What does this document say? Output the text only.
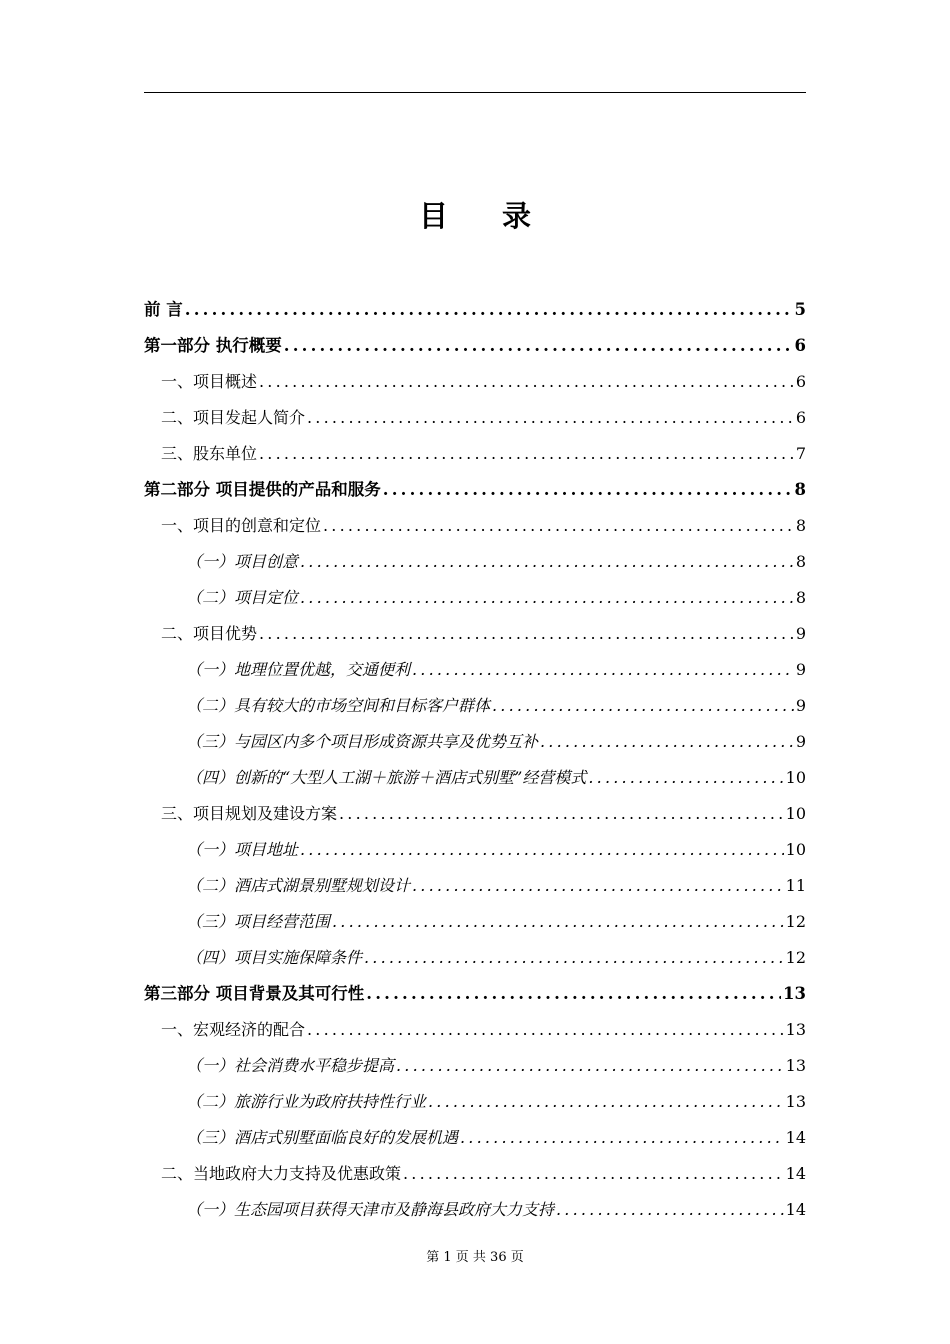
目 录
前 言 .....	5
第一部分 执行概要 .....	6
一、项目概述 .....	6
二、项目发起人简介 .....	6
三、股东单位 .....	7
第二部分 项目提供的产品和服务 .....	8
一、项目的创意和定位 .....	8
（一）项目创意 .....	8
（二）项目定位 .....	8
二、项目优势 .....	9
（一）地理位置优越，交通便利 .....	9
（二）具有较大的市场空间和目标客户群体 .....	9
（三）与园区内多个项目形成资源共享及优势互补 .....	9
（四）创新的“大型人工湖＋旅游＋酒店式别墅”经营模式 .....	10
三、项目规划及建设方案 .....	10
（一）项目地址 .....	10
（二）酒店式湖景别墅规划设计 .....	11
（三）项目经营范围 .....	12
（四）项目实施保障条件 .....	12
第三部分 项目背景及其可行性 .....	13
一、宏观经济的配合 .....	13
（一）社会消费水平稳步提高 .....	13
（二）旅游行业为政府扶持性行业 .....	13
（三）酒店式别墅面临良好的发展机遇 .....	14
二、当地政府大力支持及优惠政策 .....	14
（一）生态园项目获得天津市及静海县政府大力支持 .....	14
第 1 页 共 36 页
